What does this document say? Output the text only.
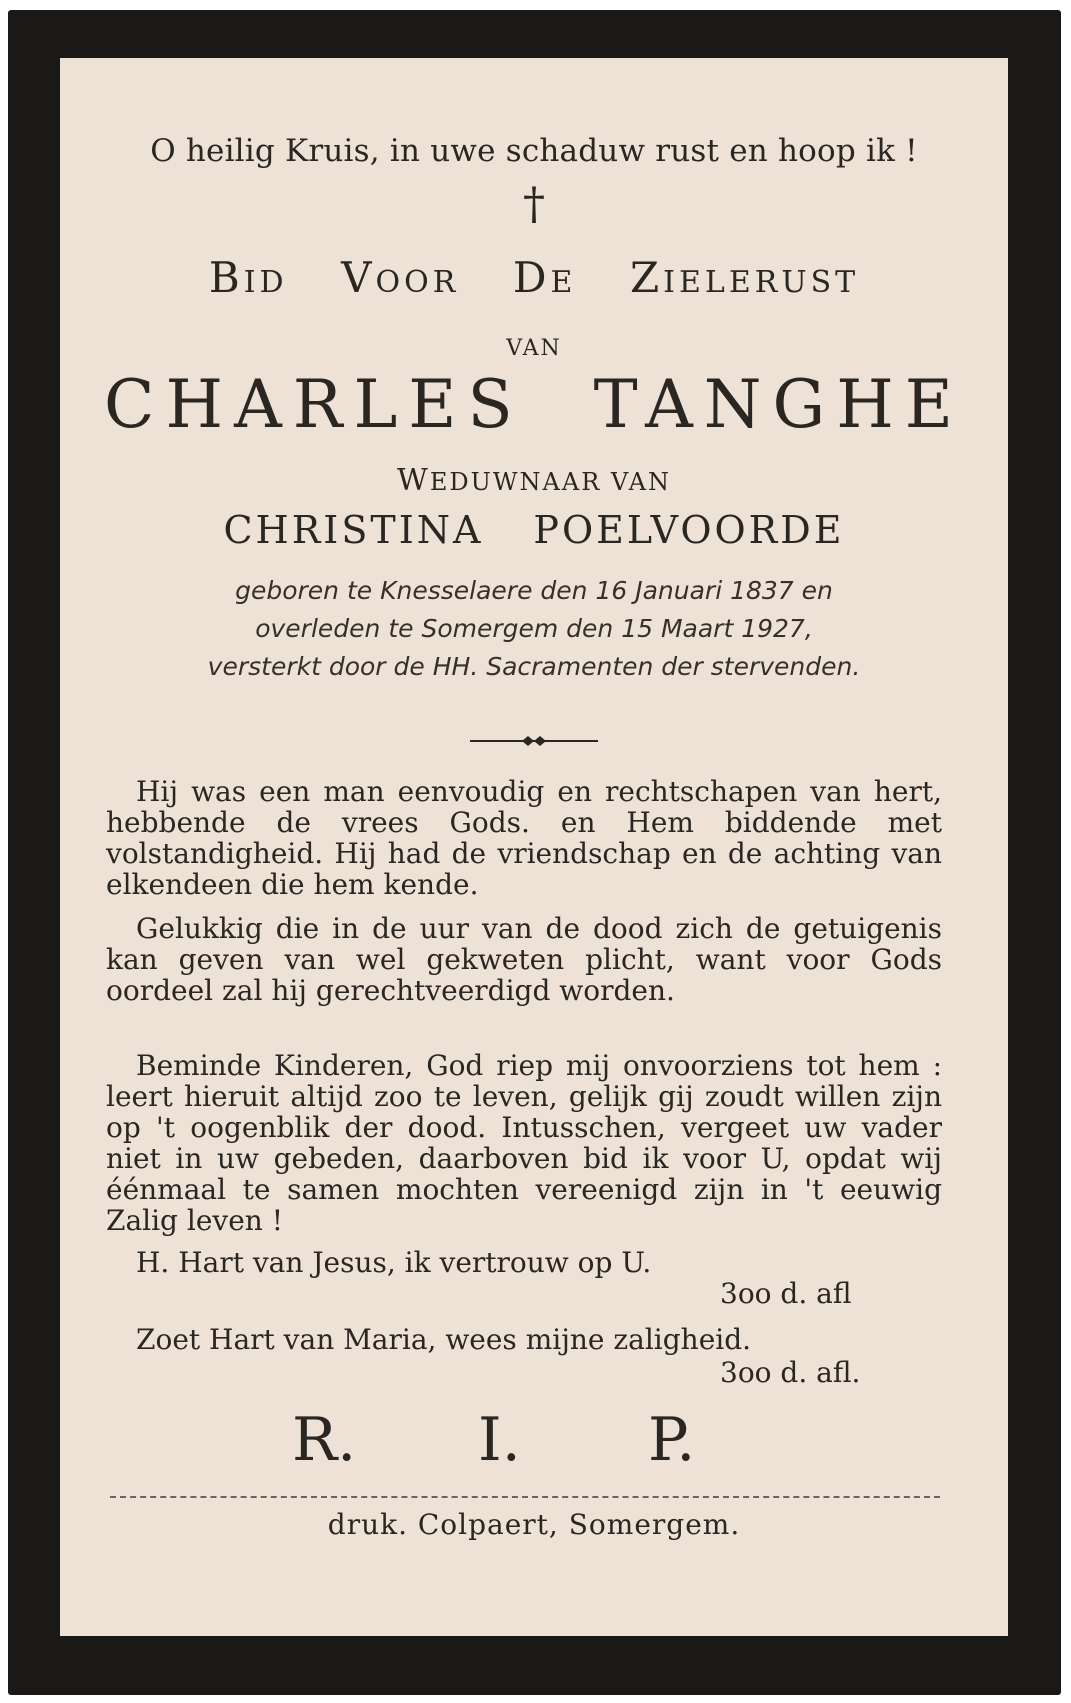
O heilig Kruis, in uwe schaduw rust en hoop ik !
†
BID VOOR DE ZIELERUST
VAN
CHARLES TANGHE
WEDUWNAAR VAN
CHRISTINA POELVOORDE
geboren te Knesselaere den 16 Januari 1837 en
overleden te Somergem den 15 Maart 1927,
versterkt door de HH. Sacramenten der stervenden.
Hij was een man eenvoudig en rechtschapen van hert, hebbende de vrees Gods. en Hem biddende met volstandigheid. Hij had de vriendschap en de achting van elkendeen die hem kende.
Gelukkig die in de uur van de dood zich de getuigenis kan geven van wel gekweten plicht, want voor Gods oordeel zal hij gerechtveerdigd worden.
Beminde Kinderen, God riep mij onvoorziens tot hem : leert hieruit altijd zoo te leven, gelijk gij zoudt willen zijn op 't oogenblik der dood. Intusschen, vergeet uw vader niet in uw gebeden, daarboven bid ik voor U, opdat wij éénmaal te samen mochten vereenigd zijn in 't eeuwig Zalig leven !
H. Hart van Jesus, ik vertrouw op U.
3oo d. afl
Zoet Hart van Maria, wees mijne zaligheid.
3oo d. afl.
R. I. P.
druk. Colpaert, Somergem.
